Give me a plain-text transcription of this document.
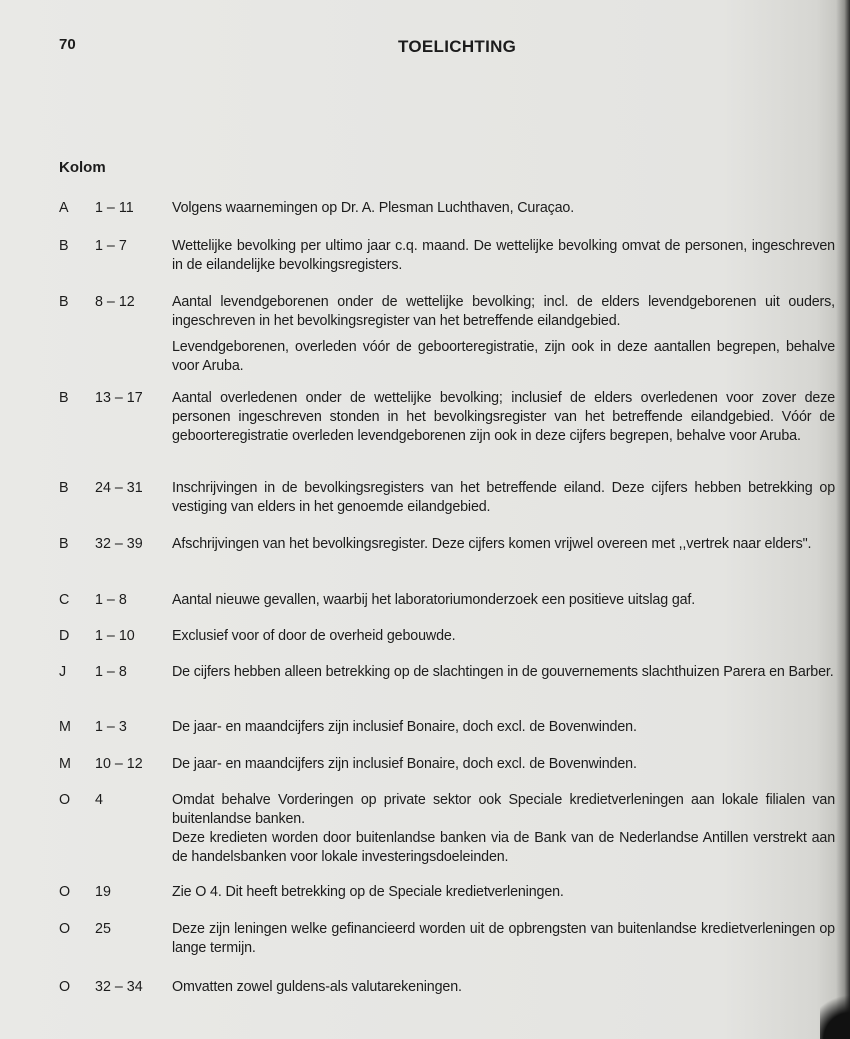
70	TOELICHTING
Kolom
A 1 – 11	Volgens waarnemingen op Dr. A. Plesman Luchthaven, Curaçao.

B 1 – 7	Wettelijke bevolking per ultimo jaar c.q. maand. De wettelijke bevolking omvat de personen, ingeschreven in de eilandelijke bevolkingsregisters.

B 8 – 12	Aantal levendgeborenen onder de wettelijke bevolking; incl. de elders levendgeborenen uit ouders, ingeschreven in het bevolkingsregister van het betreffende eilandgebied.

Levendgeborenen, overleden vóór de geboorteregistratie, zijn ook in deze aantallen begrepen, behalve voor Aruba.

B 13 – 17	Aantal overledenen onder de wettelijke bevolking; inclusief de elders overledenen voor zover deze personen ingeschreven stonden in het bevolkingsregister van het betreffende eilandgebied. Vóór de geboorteregistratie overleden levendgeborenen zijn ook in deze cijfers begrepen, behalve voor Aruba.

B 24 – 31	Inschrijvingen in de bevolkingsregisters van het betreffende eiland. Deze cijfers hebben betrekking op vestiging van elders in het genoemde eilandgebied.

B 32 – 39	Afschrijvingen van het bevolkingsregister. Deze cijfers komen vrijwel overeen met ,,vertrek naar elders".

C 1 – 8	Aantal nieuwe gevallen, waarbij het laboratoriumonderzoek een positieve uitslag gaf.

D 1 – 10	Exclusief voor of door de overheid gebouwde.

J 1 – 8	De cijfers hebben alleen betrekking op de slachtingen in de gouvernements slachthuizen Parera en Barber.

M 1 – 3	De jaar- en maandcijfers zijn inclusief Bonaire, doch excl. de Bovenwinden.

M 10 – 12	De jaar- en maandcijfers zijn inclusief Bonaire, doch excl. de Bovenwinden.

O 4	Omdat behalve Vorderingen op private sektor ook Speciale kredietverleningen aan lokale filialen van buitenlandse banken.

Deze kredieten worden door buitenlandse banken via de Bank van de Nederlandse Antillen verstrekt aan de handelsbanken voor lokale investeringsdoeleinden.

O 19	Zie O 4. Dit heeft betrekking op de Speciale kredietverleningen.

O 25	Deze zijn leningen welke gefinancieerd worden uit de opbrengsten van buitenlandse kredietverleningen op lange termijn.

O 32 – 34	Omvatten zowel guldens-als valutarekeningen.
